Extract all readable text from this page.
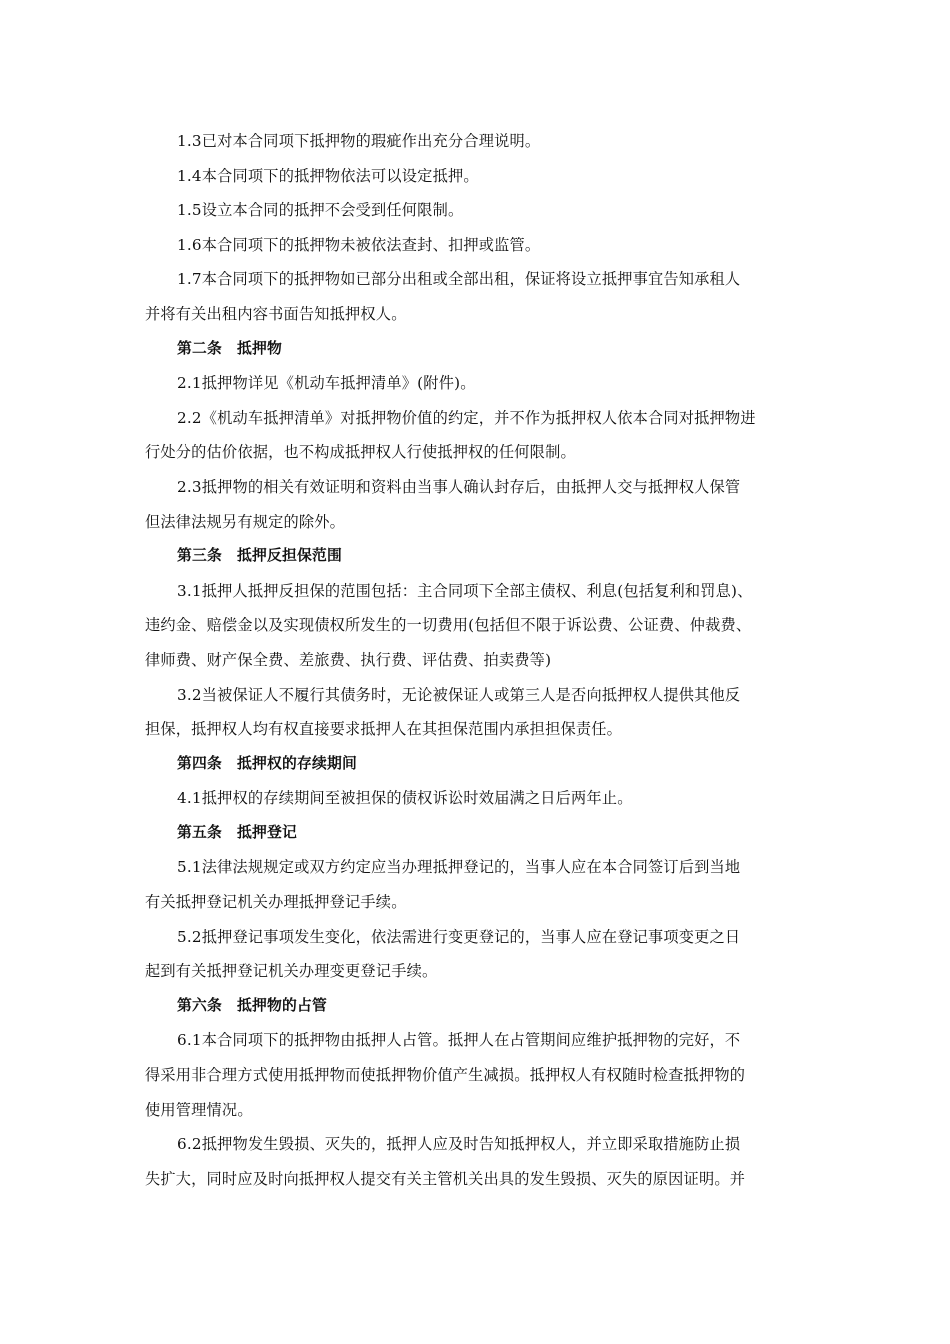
1.3已对本合同项下抵押物的瑕疵作出充分合理说明。
1.4本合同项下的抵押物依法可以设定抵押。
1.5设立本合同的抵押不会受到任何限制。
1.6本合同项下的抵押物未被依法查封、扣押或监管。
1.7本合同项下的抵押物如已部分出租或全部出租，保证将设立抵押事宜告知承租人
并将有关出租内容书面告知抵押权人。
第二条　抵押物
2.1抵押物详见《机动车抵押清单》(附件)。
2.2《机动车抵押清单》对抵押物价值的约定，并不作为抵押权人依本合同对抵押物进
行处分的估价依据，也不构成抵押权人行使抵押权的任何限制。
2.3抵押物的相关有效证明和资料由当事人确认封存后，由抵押人交与抵押权人保管
但法律法规另有规定的除外。
第三条　抵押反担保范围
3.1抵押人抵押反担保的范围包括：主合同项下全部主债权、利息(包括复利和罚息)、
违约金、赔偿金以及实现债权所发生的一切费用(包括但不限于诉讼费、公证费、仲裁费、
律师费、财产保全费、差旅费、执行费、评估费、拍卖费等)
3.2当被保证人不履行其债务时，无论被保证人或第三人是否向抵押权人提供其他反
担保，抵押权人均有权直接要求抵押人在其担保范围内承担担保责任。
第四条　抵押权的存续期间
4.1抵押权的存续期间至被担保的债权诉讼时效届满之日后两年止。
第五条　抵押登记
5.1法律法规规定或双方约定应当办理抵押登记的，当事人应在本合同签订后到当地
有关抵押登记机关办理抵押登记手续。
5.2抵押登记事项发生变化，依法需进行变更登记的，当事人应在登记事项变更之日
起到有关抵押登记机关办理变更登记手续。
第六条　抵押物的占管
6.1本合同项下的抵押物由抵押人占管。抵押人在占管期间应维护抵押物的完好，不
得采用非合理方式使用抵押物而使抵押物价值产生减损。抵押权人有权随时检查抵押物的
使用管理情况。
6.2抵押物发生毁损、灭失的，抵押人应及时告知抵押权人，并立即采取措施防止损
失扩大，同时应及时向抵押权人提交有关主管机关出具的发生毁损、灭失的原因证明。并
